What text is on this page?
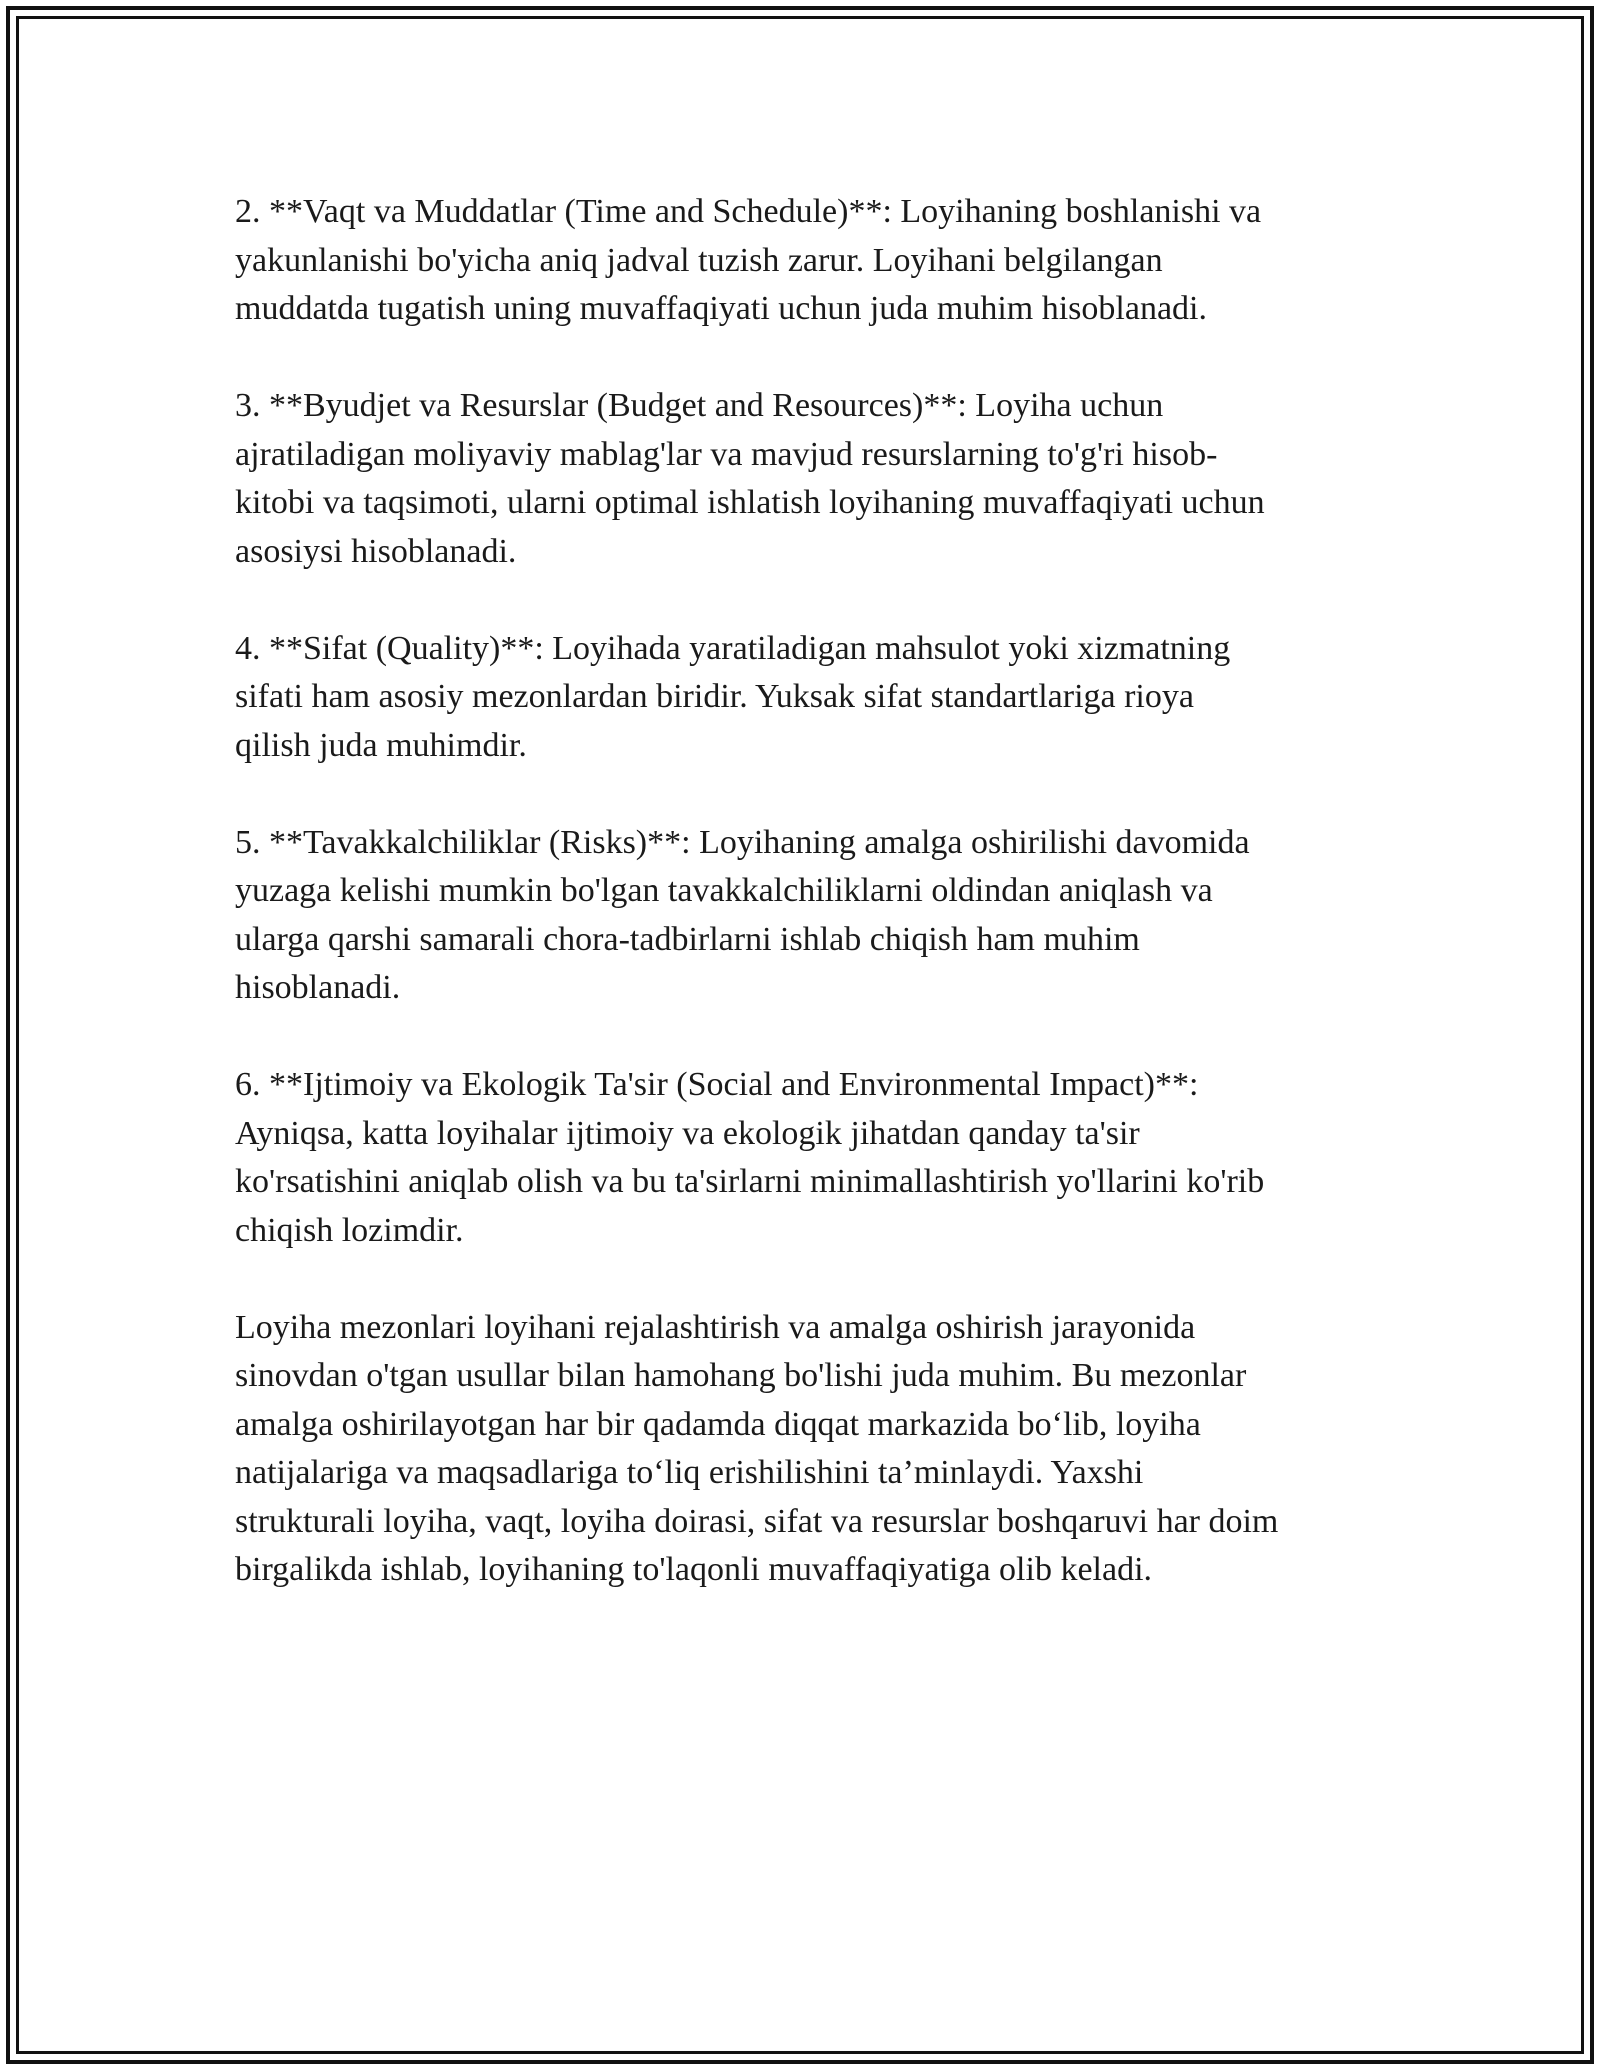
2. **Vaqt va Muddatlar (Time and Schedule)**: Loyihaning boshlanishi va
yakunlanishi bo'yicha aniq jadval tuzish zarur. Loyihani belgilangan
muddatda tugatish uning muvaffaqiyati uchun juda muhim hisoblanadi.

3. **Byudjet va Resurslar (Budget and Resources)**: Loyiha uchun
ajratiladigan moliyaviy mablag'lar va mavjud resurslarning to'g'ri hisob-
kitobi va taqsimoti, ularni optimal ishlatish loyihaning muvaffaqiyati uchun
asosiysi hisoblanadi.

4. **Sifat (Quality)**: Loyihada yaratiladigan mahsulot yoki xizmatning
sifati ham asosiy mezonlardan biridir. Yuksak sifat standartlariga rioya
qilish juda muhimdir.

5. **Tavakkalchiliklar (Risks)**: Loyihaning amalga oshirilishi davomida
yuzaga kelishi mumkin bo'lgan tavakkalchiliklarni oldindan aniqlash va
ularga qarshi samarali chora-tadbirlarni ishlab chiqish ham muhim
hisoblanadi.

6. **Ijtimoiy va Ekologik Ta'sir (Social and Environmental Impact)**:
Ayniqsa, katta loyihalar ijtimoiy va ekologik jihatdan qanday ta'sir
ko'rsatishini aniqlab olish va bu ta'sirlarni minimallashtirish yo'llarini ko'rib
chiqish lozimdir.

Loyiha mezonlari loyihani rejalashtirish va amalga oshirish jarayonida
sinovdan o'tgan usullar bilan hamohang bo'lishi juda muhim. Bu mezonlar
amalga oshirilayotgan har bir qadamda diqqat markazida bo‘lib, loyiha
natijalariga va maqsadlariga to‘liq erishilishini ta’minlaydi. Yaxshi
strukturali loyiha, vaqt, loyiha doirasi, sifat va resurslar boshqaruvi har doim
birgalikda ishlab, loyihaning to'laqonli muvaffaqiyatiga olib keladi.
